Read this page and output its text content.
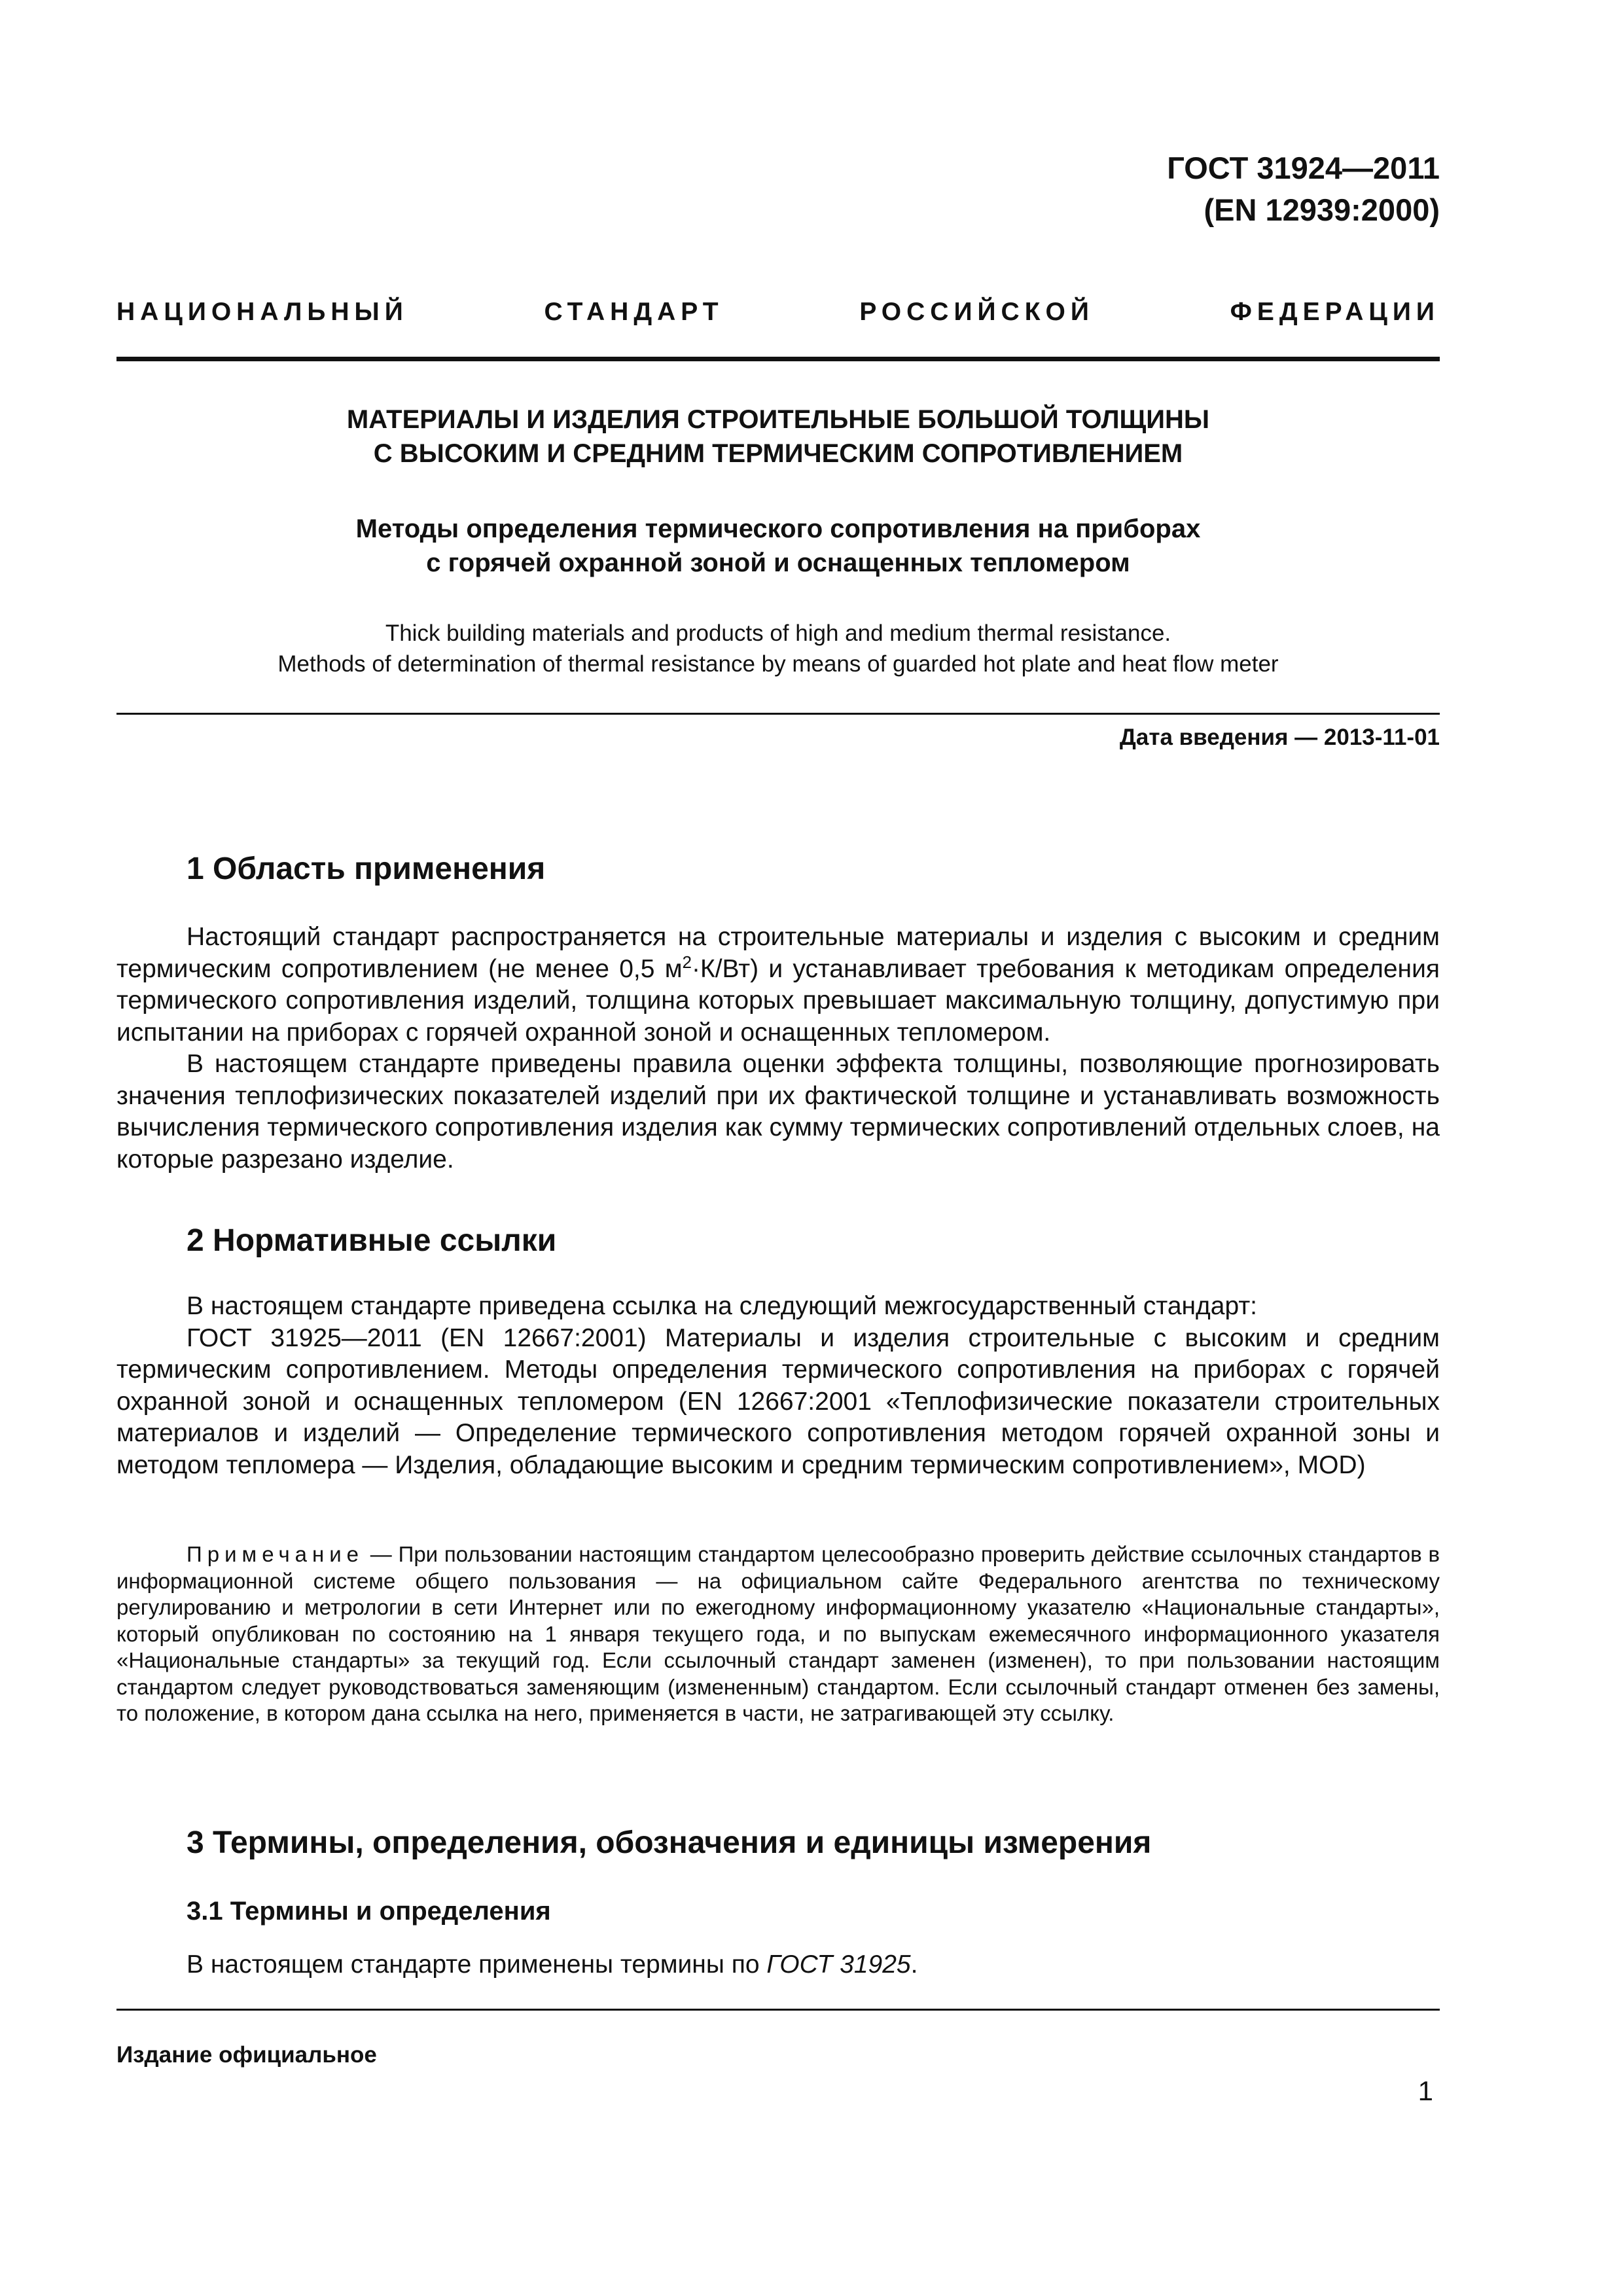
ГОСТ 31924—2011
(EN 12939:2000)
НАЦИОНАЛЬНЫЙ	СТАНДАРТ	РОССИЙСКОЙ	ФЕДЕРАЦИИ
МАТЕРИАЛЫ И ИЗДЕЛИЯ СТРОИТЕЛЬНЫЕ БОЛЬШОЙ ТОЛЩИНЫ
С ВЫСОКИМ И СРЕДНИМ ТЕРМИЧЕСКИМ СОПРОТИВЛЕНИЕМ
Методы определения термического сопротивления на приборах
с горячей охранной зоной и оснащенных тепломером
Thick building materials and products of high and medium thermal resistance.
Methods of determination of thermal resistance by means of guarded hot plate and heat flow meter
Дата введения — 2013-11-01
1 Область применения

Настоящий стандарт распространяется на строительные материалы и изделия с высоким и средним термическим сопротивлением (не менее 0,5 $м^2\cdot К/Вт$) и устанавливает требования к методикам определения термического сопротивления изделий, толщина которых превышает максимальную толщину, допустимую при испытании на приборах с горячей охранной зоной и оснащенных тепломером.

В настоящем стандарте приведены правила оценки эффекта толщины, позволяющие прогнозировать значения теплофизических показателей изделий при их фактической толщине и устанавливать возможность вычисления термического сопротивления изделия как сумму термических сопротивлений отдельных слоев, на которые разрезано изделие.

2 Нормативные ссылки

В настоящем стандарте приведена ссылка на следующий межгосударственный стандарт:

ГОСТ 31925—2011 (EN 12667:2001) Материалы и изделия строительные с высоким и средним термическим сопротивлением. Методы определения термического сопротивления на приборах с горячей охранной зоной и оснащенных тепломером (EN 12667:2001 «Теплофизические показатели строительных материалов и изделий — Определение термического сопротивления методом горячей охранной зоны и методом тепломера — Изделия, обладающие высоким и средним термическим сопротивлением», MOD)

Примечание — При пользовании настоящим стандартом целесообразно проверить действие ссылочных стандартов в информационной системе общего пользования — на официальном сайте Федерального агентства по техническому регулированию и метрологии в сети Интернет или по ежегодному информационному указателю «Национальные стандарты», который опубликован по состоянию на 1 января текущего года, и по выпускам ежемесячного информационного указателя «Национальные стандарты» за текущий год. Если ссылочный стандарт заменен (изменен), то при пользовании настоящим стандартом следует руководствоваться заменяющим (измененным) стандартом. Если ссылочный стандарт отменен без замены, то положение, в котором дана ссылка на него, применяется в части, не затрагивающей эту ссылку.

3 Термины, определения, обозначения и единицы измерения
3.1 Термины и определения

В настоящем стандарте применены термины по ГОСТ 31925.

Издание официальное
1
